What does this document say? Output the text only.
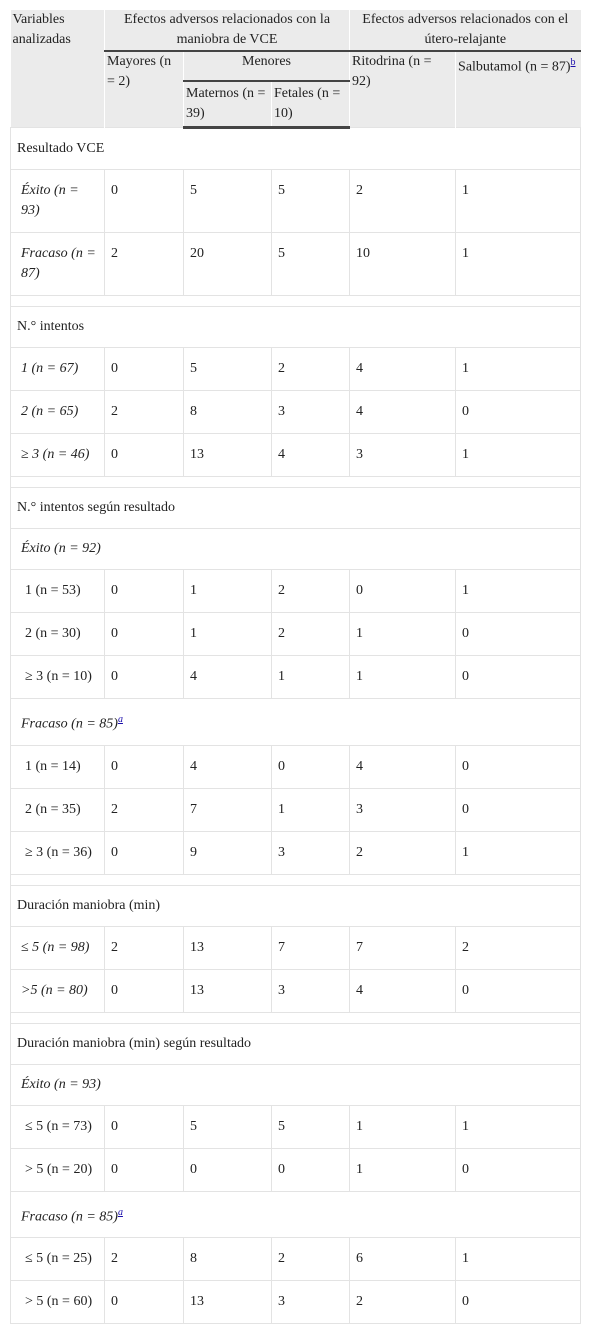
Variables analizadas	Efectos adversos relacionados con la maniobra de VCE			Efectos adversos relacionados con el útero-relajante	
	Mayores (n = 2)	Menores		Ritodrina (n = 92)	Salbutamol (n = 87)$^b$
		Maternos (n = 39)	Fetales (n = 10)		
Resultado VCE					
Éxito (n = 93)	0	5	5	2	1
Fracaso (n = 87)	2	20	5	10	1

N.° intentos					
1 (n = 67)	0	5	2	4	1
2 (n = 65)	2	8	3	4	0
≥ 3 (n = 46)	0	13	4	3	1

N.° intentos según resultado					
Éxito (n = 92)					
1 (n = 53)	0	1	2	0	1
2 (n = 30)	0	1	2	1	0
≥ 3 (n = 10)	0	4	1	1	0
Fracaso (n = 85)$^a$
1 (n = 14)	0	4	0	4	0
2 (n = 35)	2	7	1	3	0
≥ 3 (n = 36)	0	9	3	2	1

Duración maniobra (min)					
≤ 5 (n = 98)	2	13	7	7	2
>5 (n = 80)	0	13	3	4	0

Duración maniobra (min) según resultado					
Éxito (n = 93)					
≤ 5 (n = 73)	0	5	5	1	1
> 5 (n = 20)	0	0	0	1	0
Fracaso (n = 85)$^a$
≤ 5 (n = 25)	2	8	2	6	1
> 5 (n = 60)	0	13	3	2	0
